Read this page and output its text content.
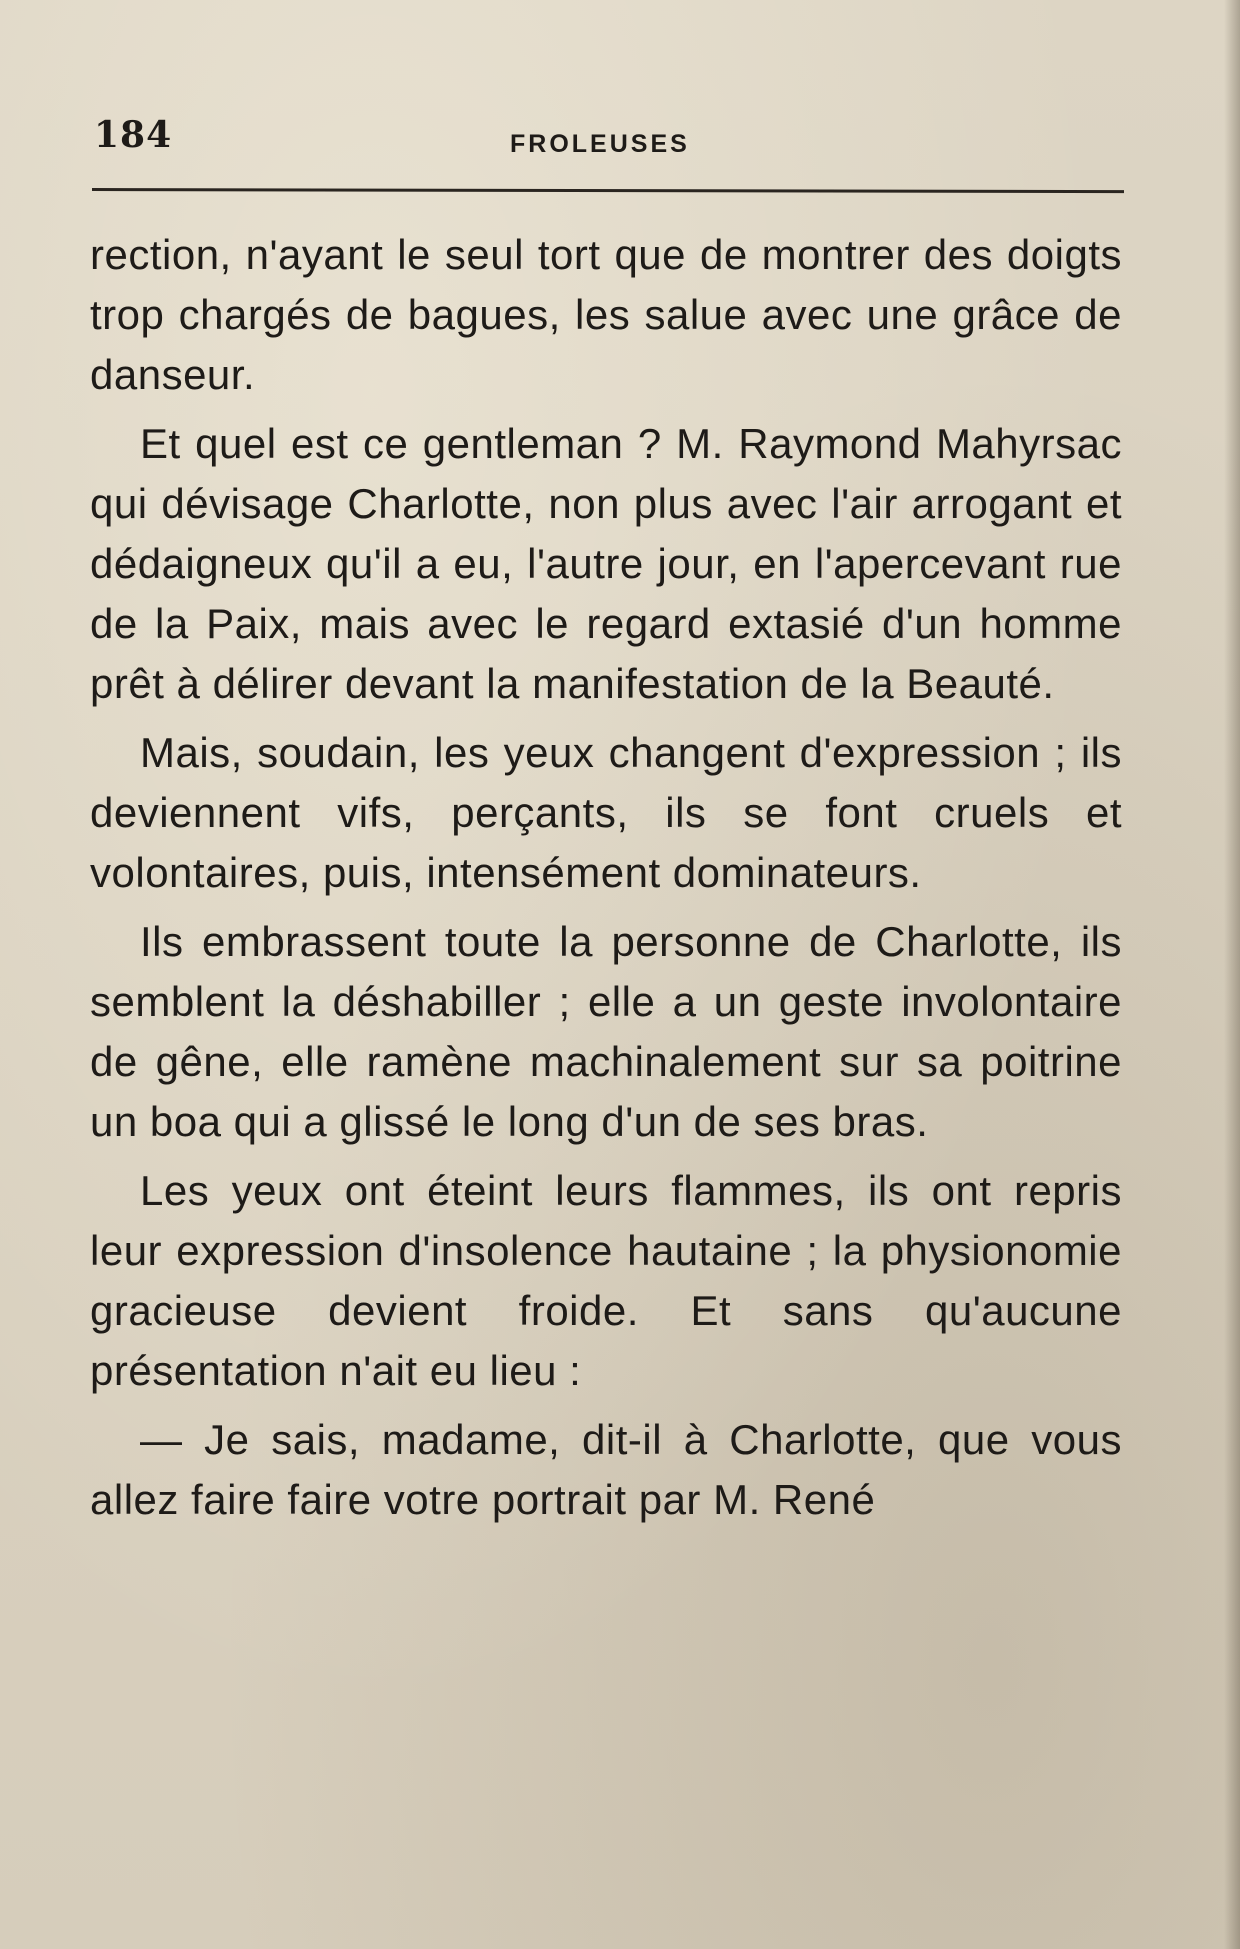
184	FROLEUSES

rection, n'ayant le seul tort que de montrer des doigts trop chargés de bagues, les salue avec une grâce de danseur.

Et quel est ce gentleman ? M. Raymond Mahyrsac qui dévisage Charlotte, non plus avec l'air arrogant et dédaigneux qu'il a eu, l'autre jour, en l'apercevant rue de la Paix, mais avec le regard extasié d'un homme prêt à délirer devant la manifestation de la Beauté.

Mais, soudain, les yeux changent d'expression ; ils deviennent vifs, perçants, ils se font cruels et volontaires, puis, intensément dominateurs.

Ils embrassent toute la personne de Charlotte, ils semblent la déshabiller ; elle a un geste involontaire de gêne, elle ramène machinalement sur sa poitrine un boa qui a glissé le long d'un de ses bras.

Les yeux ont éteint leurs flammes, ils ont repris leur expression d'insolence hautaine ; la physionomie gracieuse devient froide. Et sans qu'aucune présentation n'ait eu lieu :

— Je sais, madame, dit-il à Charlotte, que vous allez faire faire votre portrait par M. René
